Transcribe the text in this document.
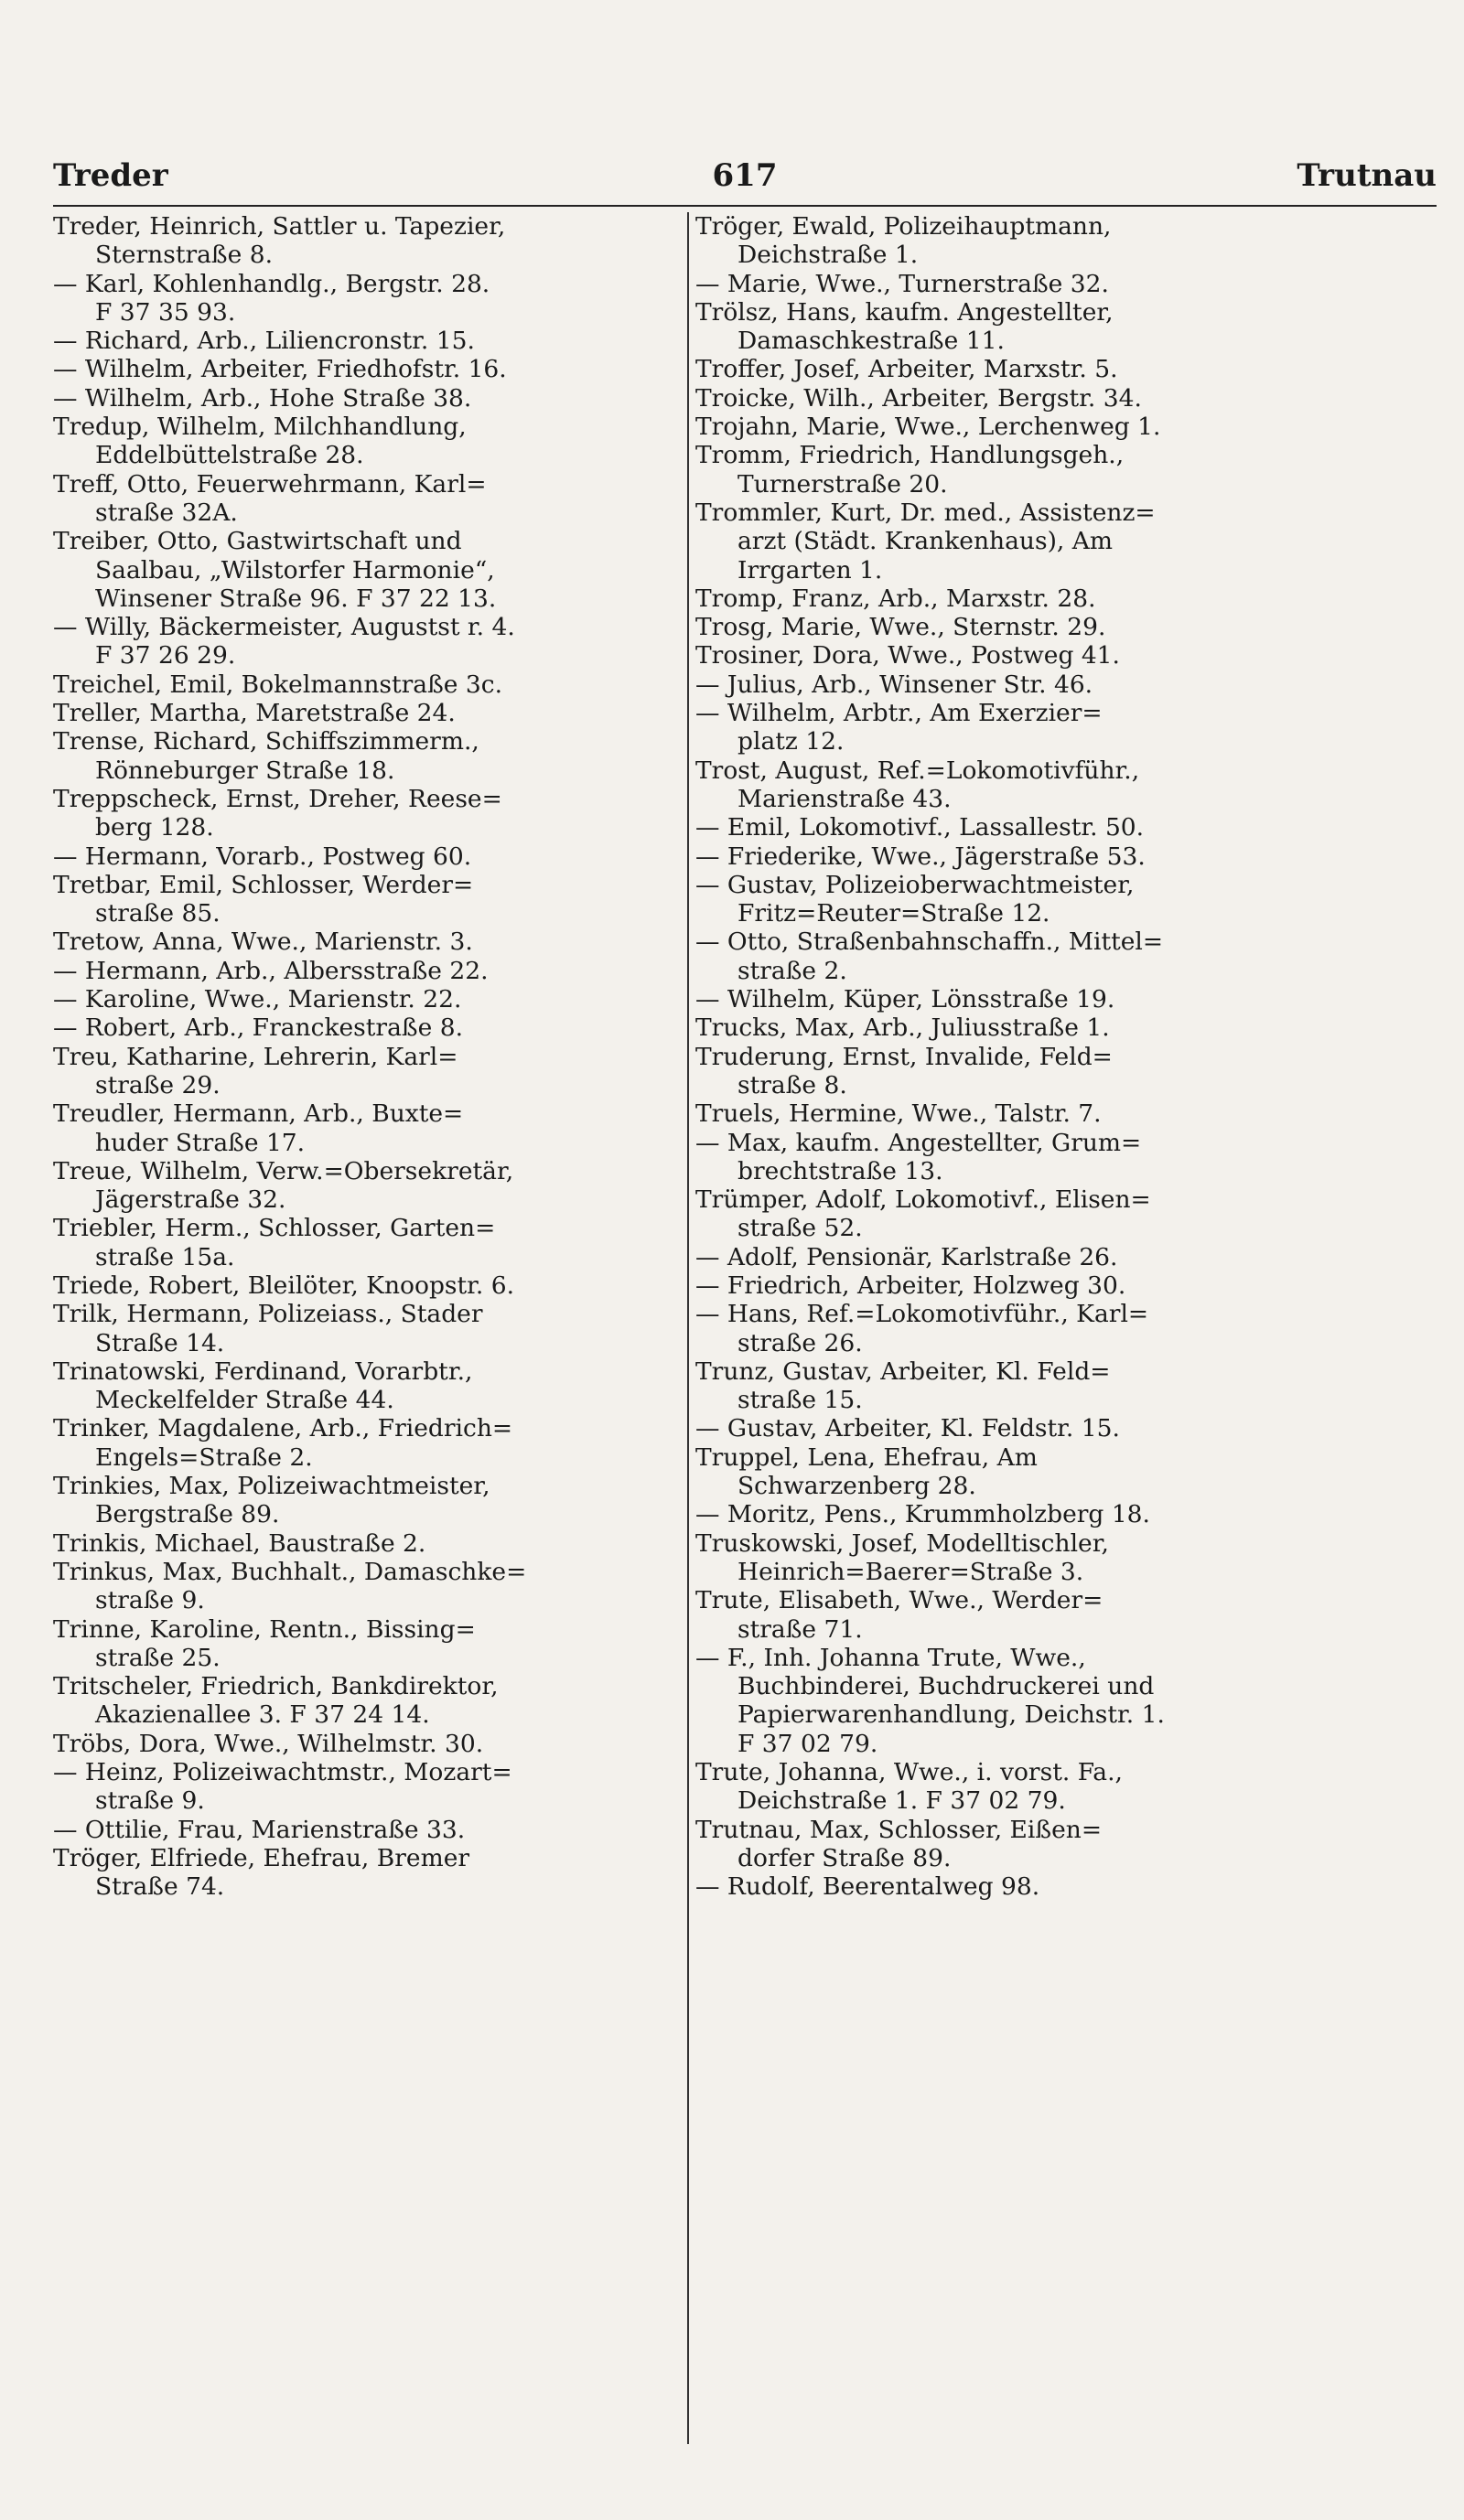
Treder	617	Trutnau
Treder, Heinrich, Sattler u. Tapezier,
Sternstraße 8.
— Karl, Kohlenhandlg., Bergstr. 28.
F 37 35 93.
— Richard, Arb., Liliencronstr. 15.
— Wilhelm, Arbeiter, Friedhofstr. 16.
— Wilhelm, Arb., Hohe Straße 38.
Tredup, Wilhelm, Milchhandlung,
Eddelbüttelstraße 28.
Treff, Otto, Feuerwehrmann, Karl=
straße 32A.
Treiber, Otto, Gastwirtschaft und
Saalbau, „Wilstorfer Harmonie“,
Winsener Straße 96. F 37 22 13.
— Willy, Bäckermeister, Augustst r. 4.
F 37 26 29.
Treichel, Emil, Bokelmannstraße 3c.
Treller, Martha, Maretstraße 24.
Trense, Richard, Schiffszimmerm.,
Rönneburger Straße 18.
Treppscheck, Ernst, Dreher, Reese=
berg 128.
— Hermann, Vorarb., Postweg 60.
Tretbar, Emil, Schlosser, Werder=
straße 85.
Tretow, Anna, Wwe., Marienstr. 3.
— Hermann, Arb., Albersstraße 22.
— Karoline, Wwe., Marienstr. 22.
— Robert, Arb., Franckestraße 8.
Treu, Katharine, Lehrerin, Karl=
straße 29.
Treudler, Hermann, Arb., Buxte=
huder Straße 17.
Treue, Wilhelm, Verw.=Obersekretär,
Jägerstraße 32.
Triebler, Herm., Schlosser, Garten=
straße 15a.
Triede, Robert, Bleilöter, Knoopstr. 6.
Trilk, Hermann, Polizeiass., Stader
Straße 14.
Trinatowski, Ferdinand, Vorarbtr.,
Meckelfelder Straße 44.
Trinker, Magdalene, Arb., Friedrich=
Engels=Straße 2.
Trinkies, Max, Polizeiwachtmeister,
Bergstraße 89.
Trinkis, Michael, Baustraße 2.
Trinkus, Max, Buchhalt., Damaschke=
straße 9.
Trinne, Karoline, Rentn., Bissing=
straße 25.
Tritscheler, Friedrich, Bankdirektor,
Akazienallee 3. F 37 24 14.
Tröbs, Dora, Wwe., Wilhelmstr. 30.
— Heinz, Polizeiwachtmstr., Mozart=
straße 9.
— Ottilie, Frau, Marienstraße 33.
Tröger, Elfriede, Ehefrau, Bremer
Straße 74.
Tröger, Ewald, Polizeihauptmann,
Deichstraße 1.
— Marie, Wwe., Turnerstraße 32.
Trölsz, Hans, kaufm. Angestellter,
Damaschkestraße 11.
Troffer, Josef, Arbeiter, Marxstr. 5.
Troicke, Wilh., Arbeiter, Bergstr. 34.
Trojahn, Marie, Wwe., Lerchenweg 1.
Tromm, Friedrich, Handlungsgeh.,
Turnerstraße 20.
Trommler, Kurt, Dr. med., Assistenz=
arzt (Städt. Krankenhaus), Am
Irrgarten 1.
Tromp, Franz, Arb., Marxstr. 28.
Trosg, Marie, Wwe., Sternstr. 29.
Trosiner, Dora, Wwe., Postweg 41.
— Julius, Arb., Winsener Str. 46.
— Wilhelm, Arbtr., Am Exerzier=
platz 12.
Trost, August, Ref.=Lokomotivführ.,
Marienstraße 43.
— Emil, Lokomotivf., Lassallestr. 50.
— Friederike, Wwe., Jägerstraße 53.
— Gustav, Polizeioberwachtmeister,
Fritz=Reuter=Straße 12.
— Otto, Straßenbahnschaffn., Mittel=
straße 2.
— Wilhelm, Küper, Lönsstraße 19.
Trucks, Max, Arb., Juliusstraße 1.
Truderung, Ernst, Invalide, Feld=
straße 8.
Truels, Hermine, Wwe., Talstr. 7.
— Max, kaufm. Angestellter, Grum=
brechtstraße 13.
Trümper, Adolf, Lokomotivf., Elisen=
straße 52.
— Adolf, Pensionär, Karlstraße 26.
— Friedrich, Arbeiter, Holzweg 30.
— Hans, Ref.=Lokomotivführ., Karl=
straße 26.
Trunz, Gustav, Arbeiter, Kl. Feld=
straße 15.
— Gustav, Arbeiter, Kl. Feldstr. 15.
Truppel, Lena, Ehefrau, Am
Schwarzenberg 28.
— Moritz, Pens., Krummholzberg 18.
Truskowski, Josef, Modelltischler,
Heinrich=Baerer=Straße 3.
Trute, Elisabeth, Wwe., Werder=
straße 71.
— F., Inh. Johanna Trute, Wwe.,
Buchbinderei, Buchdruckerei und
Papierwarenhandlung, Deichstr. 1.
F 37 02 79.
Trute, Johanna, Wwe., i. vorst. Fa.,
Deichstraße 1. F 37 02 79.
Trutnau, Max, Schlosser, Eißen=
dorfer Straße 89.
— Rudolf, Beerentalweg 98.
